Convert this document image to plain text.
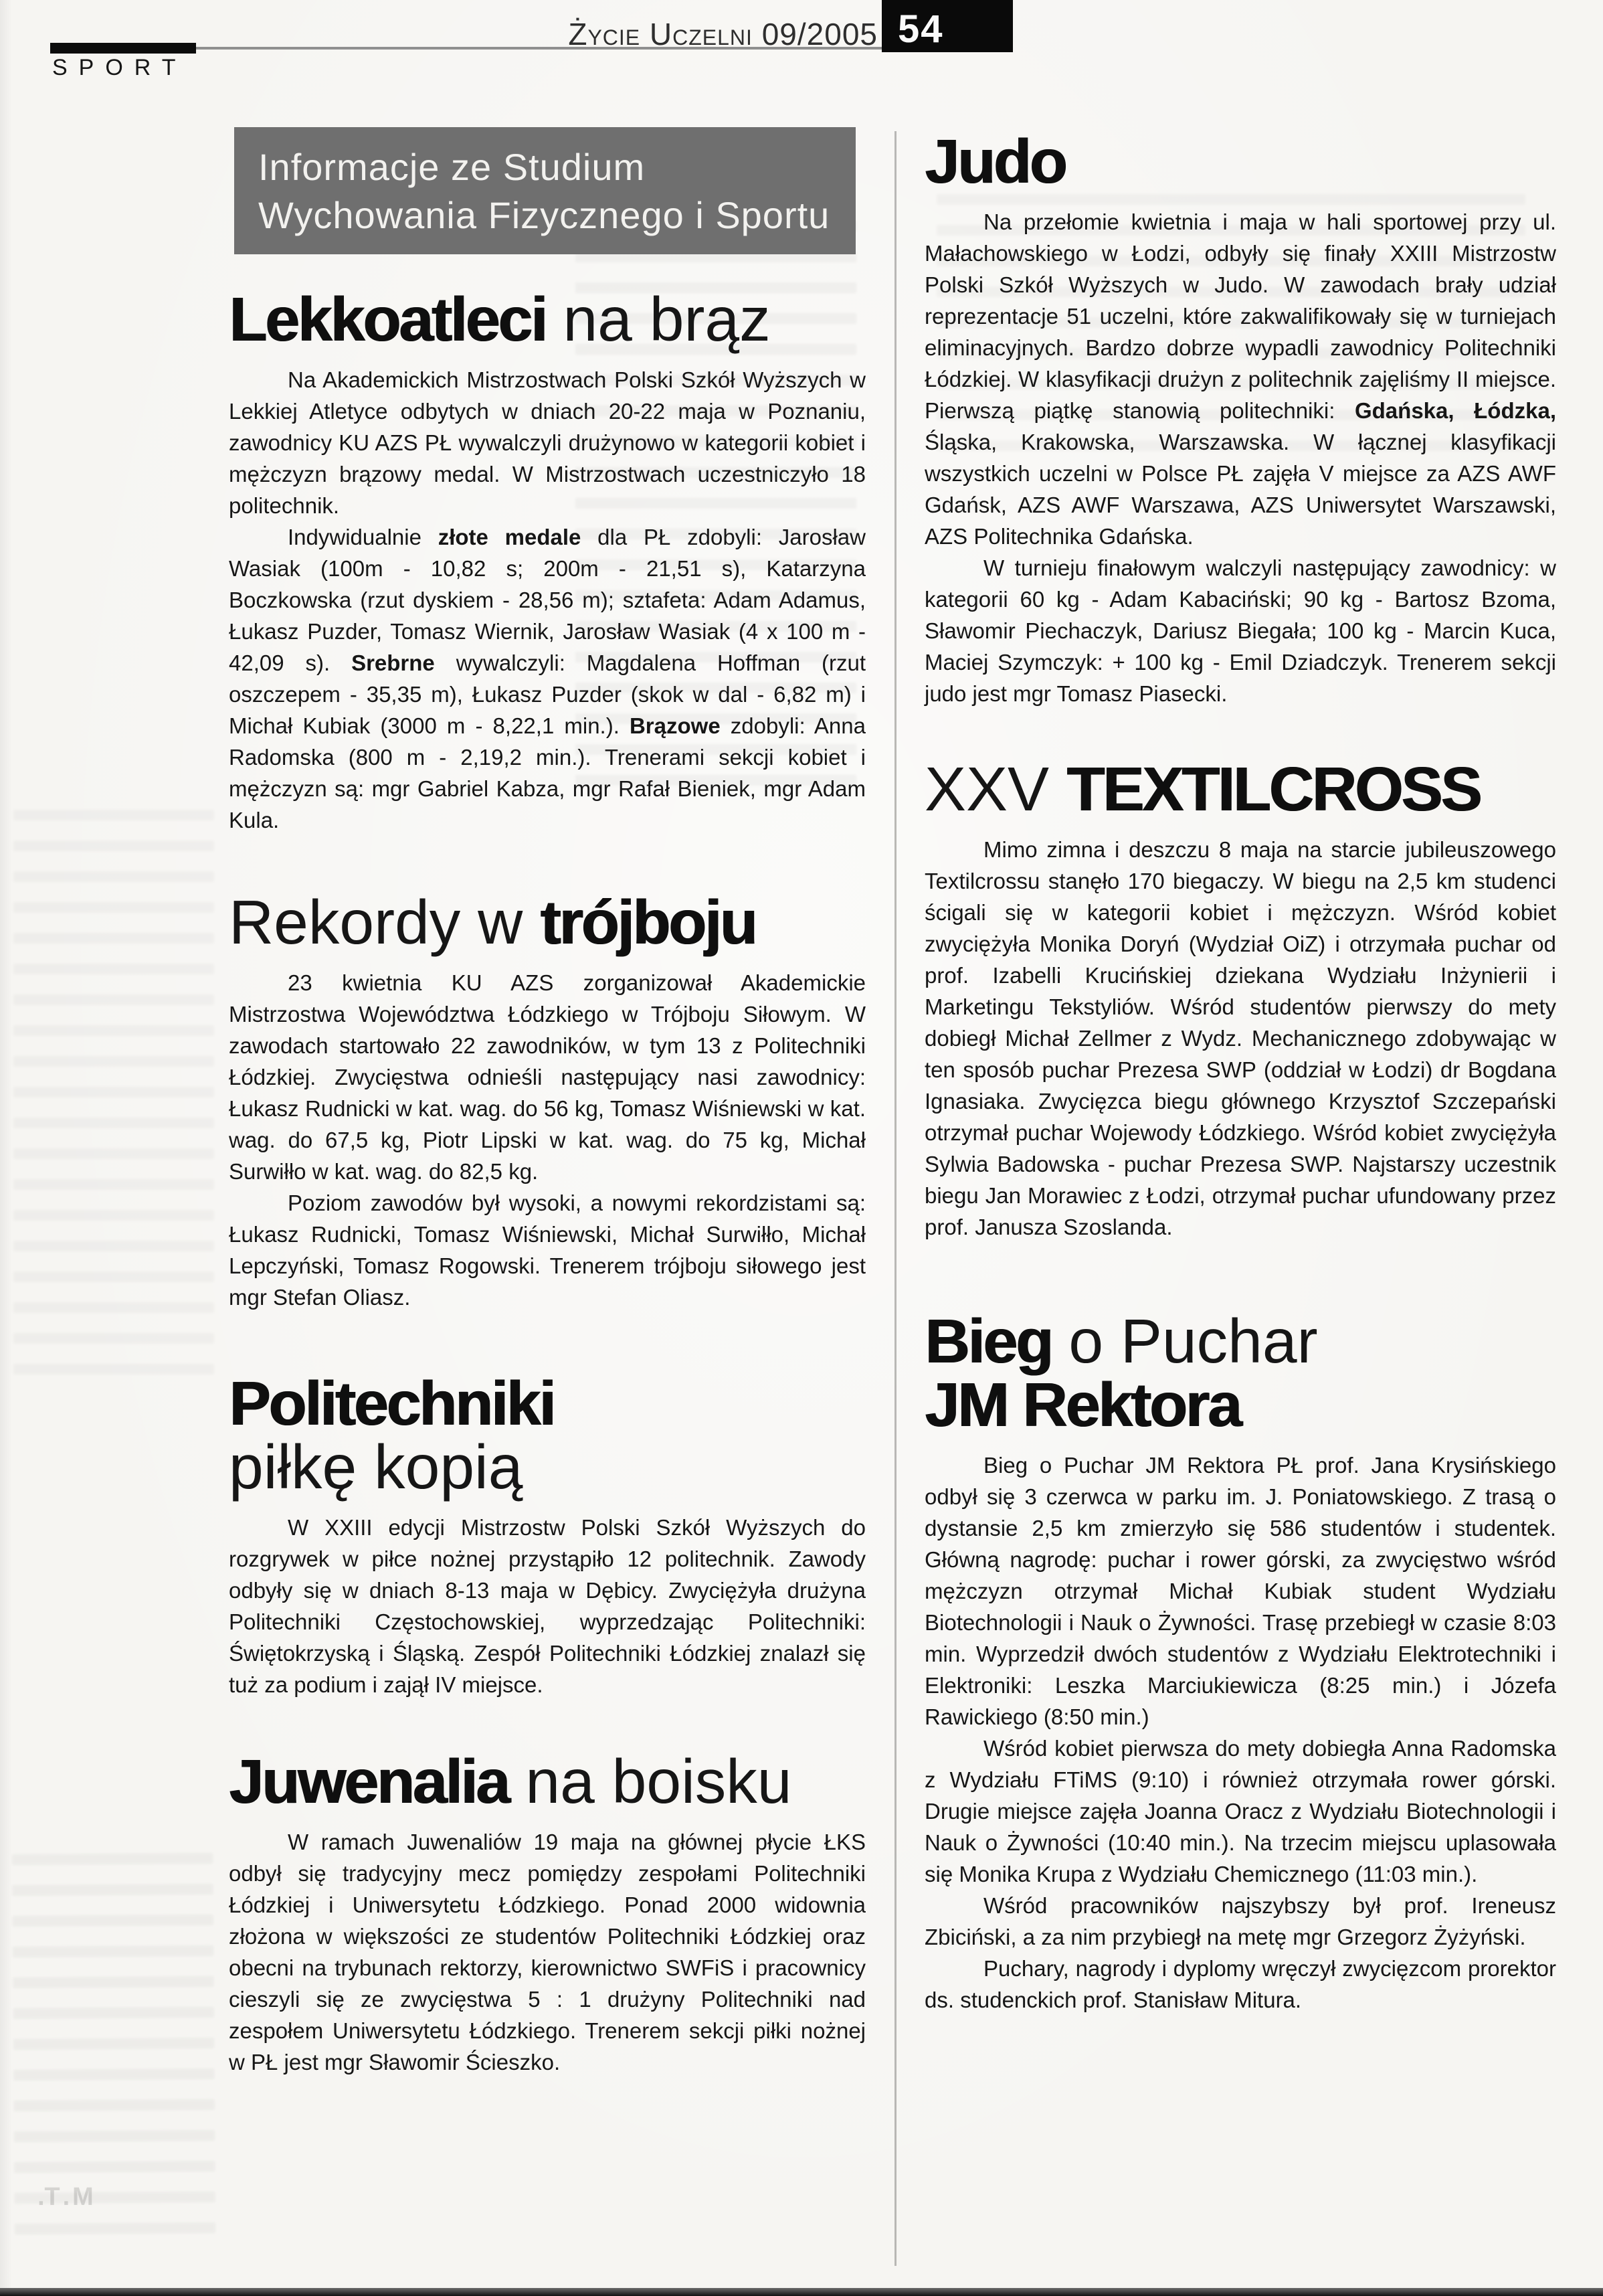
SPORT
Życie Uczelni 09/2005 54
Informacje ze Studium
Wychowania Fizycznego i Sportu
Lekkoatleci na brąz

Na Akademickich Mistrzostwach Polski Szkół Wyższych w Lekkiej Atletyce odbytych w dniach 20-22 maja w Poznaniu, zawodnicy KU AZS PŁ wywalczyli drużynowo w kategorii kobiet i mężczyzn brązowy medal. W Mistrzostwach uczestniczyło 18 politechnik.

Indywidualnie złote medale dla PŁ zdobyli: Jarosław Wasiak (100m - 10,82 s; 200m - 21,51 s), Katarzyna Boczkowska (rzut dyskiem - 28,56 m); sztafeta: Adam Adamus, Łukasz Puzder, Tomasz Wiernik, Jarosław Wasiak (4 x 100 m - 42,09 s). Srebrne wywalczyli: Magdalena Hoffman (rzut oszczepem - 35,35 m), Łukasz Puzder (skok w dal - 6,82 m) i Michał Kubiak (3000 m - 8,22,1 min.). Brązowe zdobyli: Anna Radomska (800 m - 2,19,2 min.). Trenerami sekcji kobiet i mężczyzn są: mgr Gabriel Kabza, mgr Rafał Bieniek, mgr Adam Kula.

Rekordy w trójboju

23 kwietnia KU AZS zorganizował Akademickie Mistrzostwa Województwa Łódzkiego w Trójboju Siłowym. W zawodach startowało 22 zawodników, w tym 13 z Politechniki Łódzkiej. Zwycięstwa odnieśli następujący nasi zawodnicy: Łukasz Rudnicki w kat. wag. do 56 kg, Tomasz Wiśniewski w kat. wag. do 67,5 kg, Piotr Lipski w kat. wag. do 75 kg, Michał Surwiłło w kat. wag. do 82,5 kg.

Poziom zawodów był wysoki, a nowymi rekordzistami są: Łukasz Rudnicki, Tomasz Wiśniewski, Michał Surwiłło, Michał Lepczyński, Tomasz Rogowski. Trenerem trójboju siłowego jest mgr Stefan Oliasz.

Politechniki
piłkę kopią

W XXIII edycji Mistrzostw Polski Szkół Wyższych do rozgrywek w piłce nożnej przystąpiło 12 politechnik. Zawody odbyły się w dniach 8-13 maja w Dębicy. Zwyciężyła drużyna Politechniki Częstochowskiej, wyprzedzając Politechniki: Świętokrzyską i Śląską. Zespół Politechniki Łódzkiej znalazł się tuż za podium i zajął IV miejsce.

Juwenalia na boisku

W ramach Juwenaliów 19 maja na głównej płycie ŁKS odbył się tradycyjny mecz pomiędzy zespołami Politechniki Łódzkiej i Uniwersytetu Łódzkiego. Ponad 2000 widownia złożona w większości ze studentów Politechniki Łódzkiej oraz obecni na trybunach rektorzy, kierownictwo SWFiS i pracownicy cieszyli się ze zwycięstwa 5 : 1 drużyny Politechniki nad zespołem Uniwersytetu Łódzkiego. Trenerem sekcji piłki nożnej w PŁ jest mgr Sławomir Ścieszko.

Judo

Na przełomie kwietnia i maja w hali sportowej przy ul. Małachowskiego w Łodzi, odbyły się finały XXIII Mistrzostw Polski Szkół Wyższych w Judo. W zawodach brały udział reprezentacje 51 uczelni, które zakwalifikowały się w turniejach eliminacyjnych. Bardzo dobrze wypadli zawodnicy Politechniki Łódzkiej. W klasyfikacji drużyn z politechnik zajęliśmy II miejsce. Pierwszą piątkę stanowią politechniki: Gdańska, Łódzka, Śląska, Krakowska, Warszawska. W łącznej klasyfikacji wszystkich uczelni w Polsce PŁ zajęła V miejsce za AZS AWF Gdańsk, AZS AWF Warszawa, AZS Uniwersytet Warszawski, AZS Politechnika Gdańska.

W turnieju finałowym walczyli następujący zawodnicy: w kategorii 60 kg - Adam Kabaciński; 90 kg - Bartosz Bzoma, Sławomir Piechaczyk, Dariusz Biegała; 100 kg - Marcin Kuca, Maciej Szymczyk: + 100 kg - Emil Dziadczyk. Trenerem sekcji judo jest mgr Tomasz Piasecki.

XXV TEXTILCROSS

Mimo zimna i deszczu 8 maja na starcie jubileuszowego Textilcrossu stanęło 170 biegaczy. W biegu na 2,5 km studenci ścigali się w kategorii kobiet i mężczyzn. Wśród kobiet zwyciężyła Monika Doryń (Wydział OiZ) i otrzymała puchar od prof. Izabelli Krucińskiej dziekana Wydziału Inżynierii i Marketingu Tekstyliów. Wśród studentów pierwszy do mety dobiegł Michał Zellmer z Wydz. Mechanicznego zdobywając w ten sposób puchar Prezesa SWP (oddział w Łodzi) dr Bogdana Ignasiaka. Zwycięzca biegu głównego Krzysztof Szczepański otrzymał puchar Wojewody Łódzkiego. Wśród kobiet zwyciężyła Sylwia Badowska - puchar Prezesa SWP. Najstarszy uczestnik biegu Jan Morawiec z Łodzi, otrzymał puchar ufundowany przez prof. Janusza Szoslanda.

Bieg o Puchar
JM Rektora

Bieg o Puchar JM Rektora PŁ prof. Jana Krysińskiego odbył się 3 czerwca w parku im. J. Poniatowskiego. Z trasą o dystansie 2,5 km zmierzyło się 586 studentów i studentek. Główną nagrodę: puchar i rower górski, za zwycięstwo wśród mężczyzn otrzymał Michał Kubiak student Wydziału Biotechnologii i Nauk o Żywności. Trasę przebiegł w czasie 8:03 min. Wyprzedził dwóch studentów z Wydziału Elektrotechniki i Elektroniki: Leszka Marciukiewicza (8:25 min.) i Józefa Rawickiego (8:50 min.)

Wśród kobiet pierwsza do mety dobiegła Anna Radomska z Wydziału FTiMS (9:10) i również otrzymała rower górski. Drugie miejsce zajęła Joanna Oracz z Wydziału Biotechnologii i Nauk o Żywności (10:40 min.). Na trzecim miejscu uplasowała się Monika Krupa z Wydziału Chemicznego (11:03 min.).

Wśród pracowników najszybszy był prof. Ireneusz Zbiciński, a za nim przybiegł na metę mgr Grzegorz Żyżyński.

Puchary, nagrody i dyplomy wręczył zwycięzcom prorektor ds. studenckich prof. Stanisław Mitura.

M.T.
